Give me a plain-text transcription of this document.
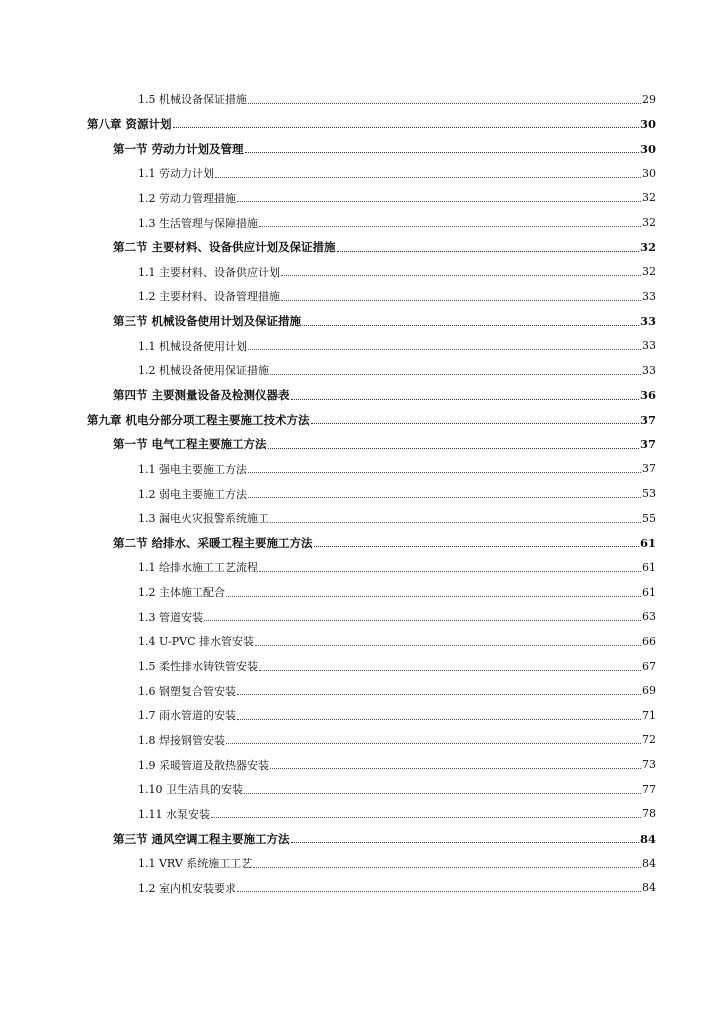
1.5 机械设备保证措施	29
第八章 资源计划	30
第一节 劳动力计划及管理	30
1.1 劳动力计划	30
1.2 劳动力管理措施	32
1.3 生活管理与保障措施	32
第二节 主要材料、设备供应计划及保证措施	32
1.1 主要材料、设备供应计划	32
1.2 主要材料、设备管理措施	33
第三节 机械设备使用计划及保证措施	33
1.1 机械设备使用计划	33
1.2 机械设备使用保证措施	33
第四节 主要测量设备及检测仪器表	36
第九章 机电分部分项工程主要施工技术方法	37
第一节 电气工程主要施工方法	37
1.1 强电主要施工方法	37
1.2 弱电主要施工方法	53
1.3 漏电火灾报警系统施工	55
第二节 给排水、采暖工程主要施工方法	61
1.1 给排水施工工艺流程	61
1.2 主体施工配合	61
1.3 管道安装	63
1.4 U-PVC 排水管安装	66
1.5 柔性排水铸铁管安装	67
1.6 钢塑复合管安装	69
1.7 雨水管道的安装	71
1.8 焊接钢管安装	72
1.9 采暖管道及散热器安装	73
1.10 卫生洁具的安装	77
1.11 水泵安装	78
第三节 通风空调工程主要施工方法	84
1.1 VRV 系统施工工艺	84
1.2 室内机安装要求	84
